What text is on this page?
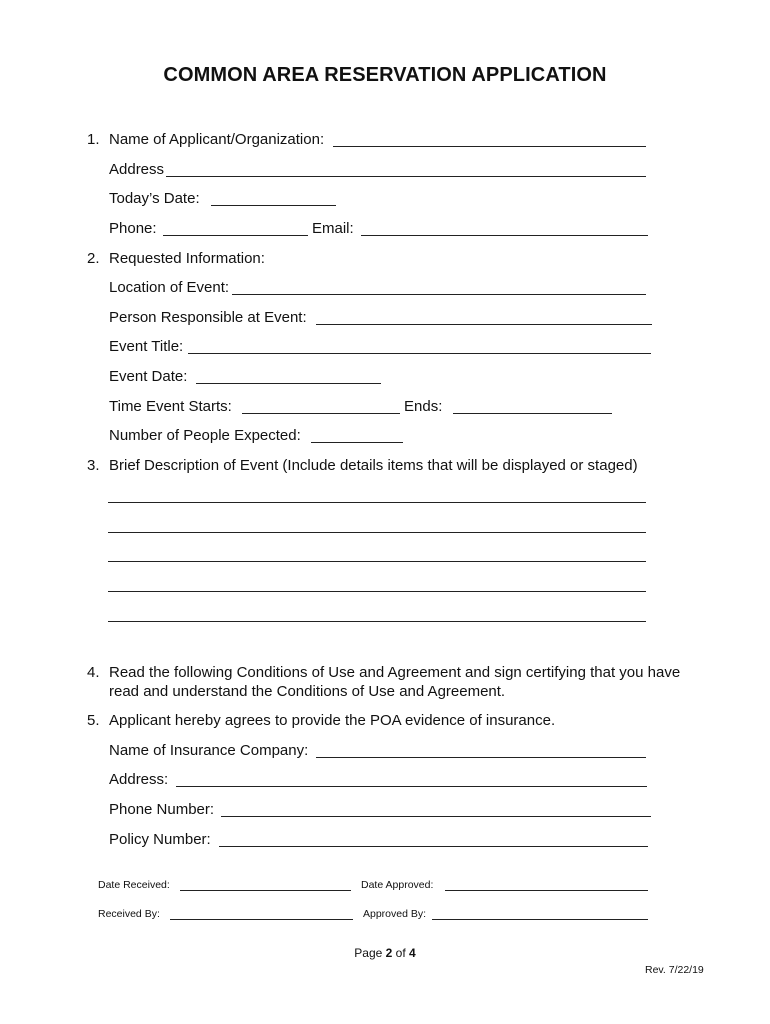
COMMON AREA RESERVATION APPLICATION
1. Name of Applicant/Organization:
Address
Today’s Date:
Phone:	Email:
2. Requested Information:
Location of Event:
Person Responsible at Event:
Event Title:
Event Date:
Time Event Starts:	Ends:
Number of People Expected:
3. Brief Description of Event (Include details items that will be displayed or staged)
4. Read the following Conditions of Use and Agreement and sign certifying that you have
read and understand the Conditions of Use and Agreement.
5. Applicant hereby agrees to provide the POA evidence of insurance.
Name of Insurance Company:
Address:
Phone Number:
Policy Number:
Date Received:	Date Approved:
Received By:	Approved By:
Page 2 of 4
Rev. 7/22/19
